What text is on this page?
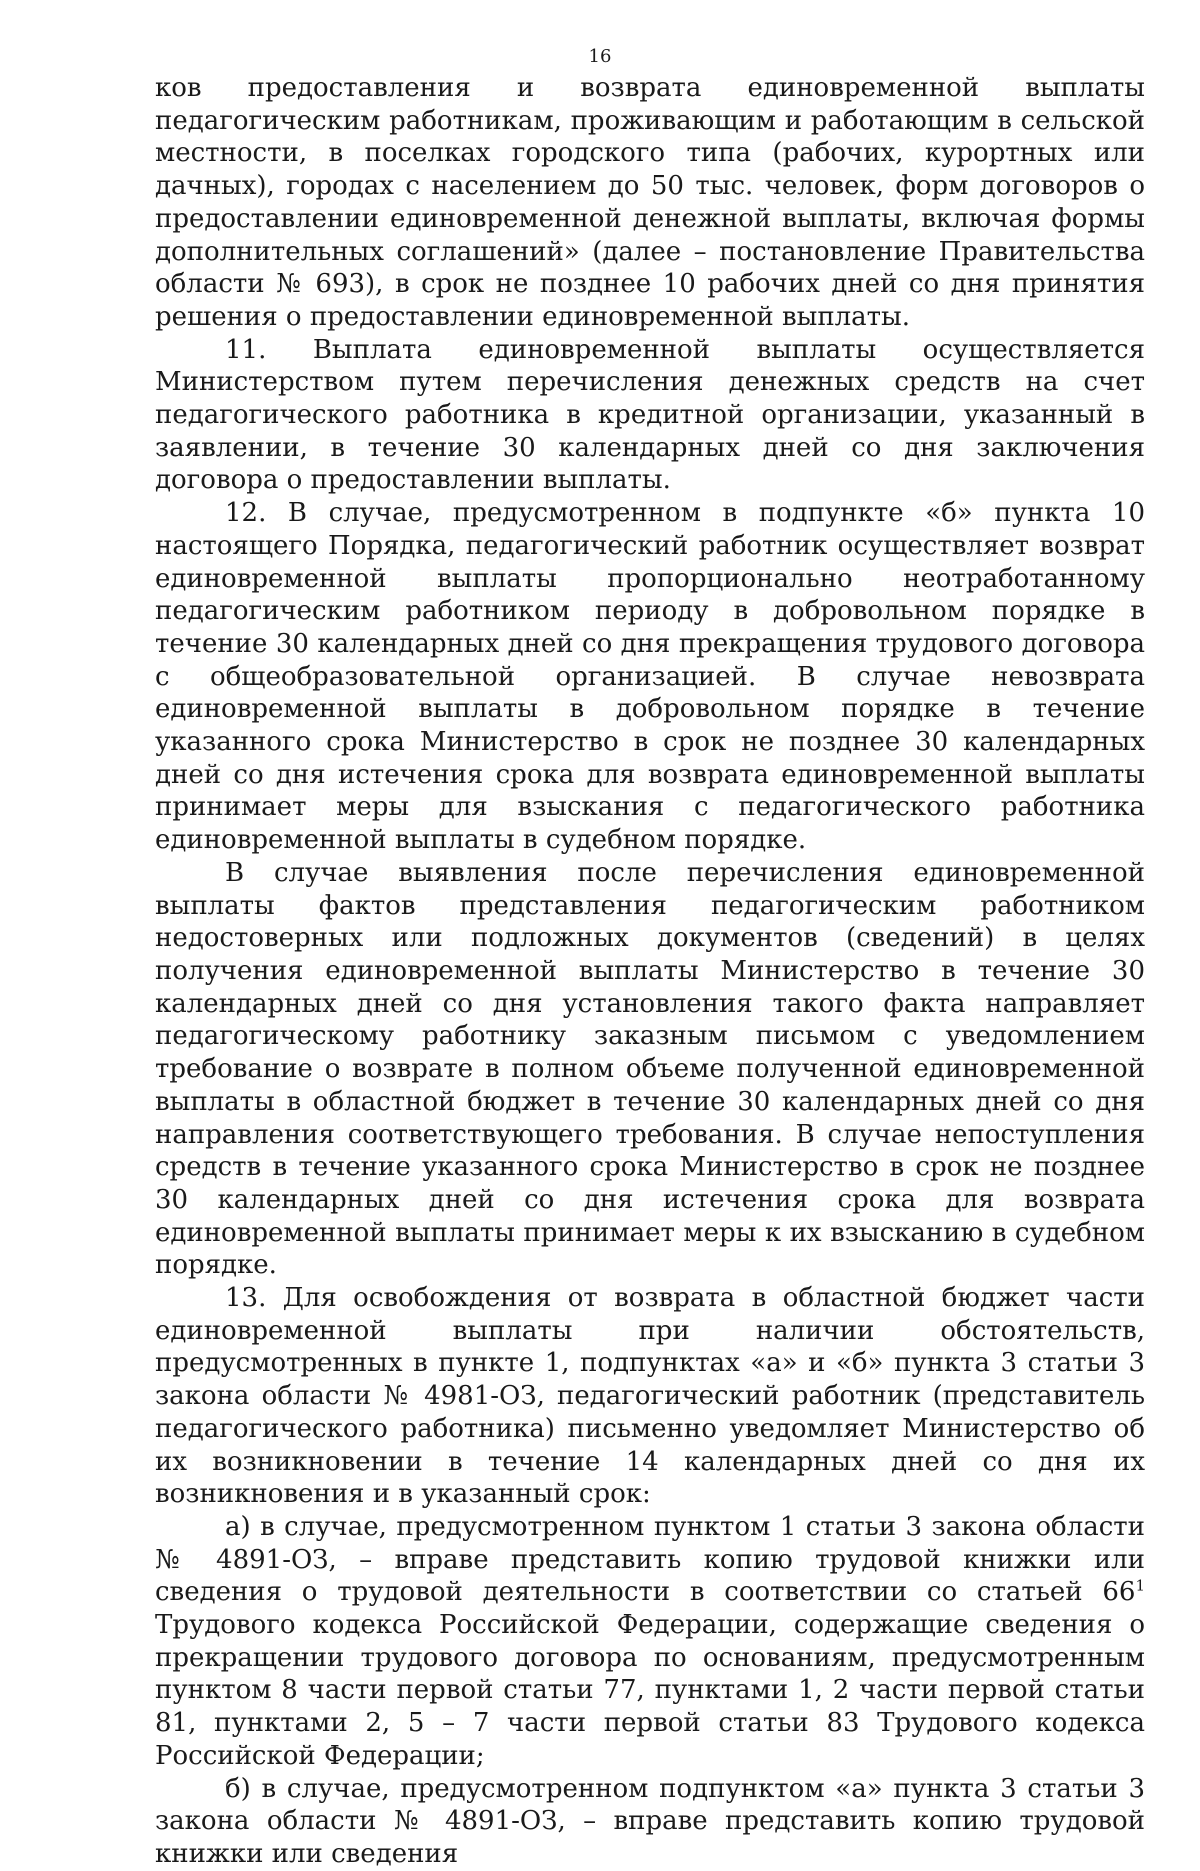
16

ков предоставления и возврата единовременной выплаты педагогическим работникам, проживающим и работающим в сельской местности, в поселках городского типа (рабочих, курортных или дачных), городах с населением до 50 тыс. человек, форм договоров о предоставлении единовременной денежной выплаты, включая формы дополнительных соглашений» (далее – постановление Правительства области № 693), в срок не позднее 10 рабочих дней со дня принятия решения о предоставлении единовременной выплаты.

11. Выплата единовременной выплаты осуществляется Министерством путем перечисления денежных средств на счет педагогического работника в кредитной организации, указанный в заявлении, в течение 30 календарных дней со дня заключения договора о предоставлении выплаты.

12. В случае, предусмотренном в подпункте «б» пункта 10 настоящего Порядка, педагогический работник осуществляет возврат единовременной выплаты пропорционально неотработанному педагогическим работником периоду в добровольном порядке в течение 30 календарных дней со дня прекращения трудового договора с общеобразовательной организацией. В случае невозврата единовременной выплаты в добровольном порядке в течение указанного срока Министерство в срок не позднее 30 календарных дней со дня истечения срока для возврата единовременной выплаты принимает меры для взыскания с педагогического работника единовременной выплаты в судебном порядке.

В случае выявления после перечисления единовременной выплаты фактов представления педагогическим работником недостоверных или подложных документов (сведений) в целях получения единовременной выплаты Министерство в течение 30 календарных дней со дня установления такого факта направляет педагогическому работнику заказным письмом с уведомлением требование о возврате в полном объеме полученной единовременной выплаты в областной бюджет в течение 30 календарных дней со дня направления соответствующего требования. В случае непоступления средств в течение указанного срока Министерство в срок не позднее 30 календарных дней со дня истечения срока для возврата единовременной выплаты принимает меры к их взысканию в судебном порядке.

13. Для освобождения от возврата в областной бюджет части единовременной выплаты при наличии обстоятельств, предусмотренных в пункте 1, подпунктах «а» и «б» пункта 3 статьи 3 закона области № 4981-ОЗ, педагогический работник (представитель педагогического работника) письменно уведомляет Министерство об их возникновении в течение 14 календарных дней со дня их возникновения и в указанный срок:

а) в случае, предусмотренном пунктом 1 статьи 3 закона области № 4891-ОЗ, – вправе представить копию трудовой книжки или сведения о трудовой деятельности в соответствии со статьей $66^1$ Трудового кодекса Российской Федерации, содержащие сведения о прекращении трудового договора по основаниям, предусмотренным пунктом 8 части первой статьи 77, пунктами 1, 2 части первой статьи 81, пунктами 2, 5 – 7 части первой статьи 83 Трудового кодекса Российской Федерации;

б) в случае, предусмотренном подпунктом «а» пункта 3 статьи 3 закона области № 4891-ОЗ, – вправе представить копию трудовой книжки или сведения
